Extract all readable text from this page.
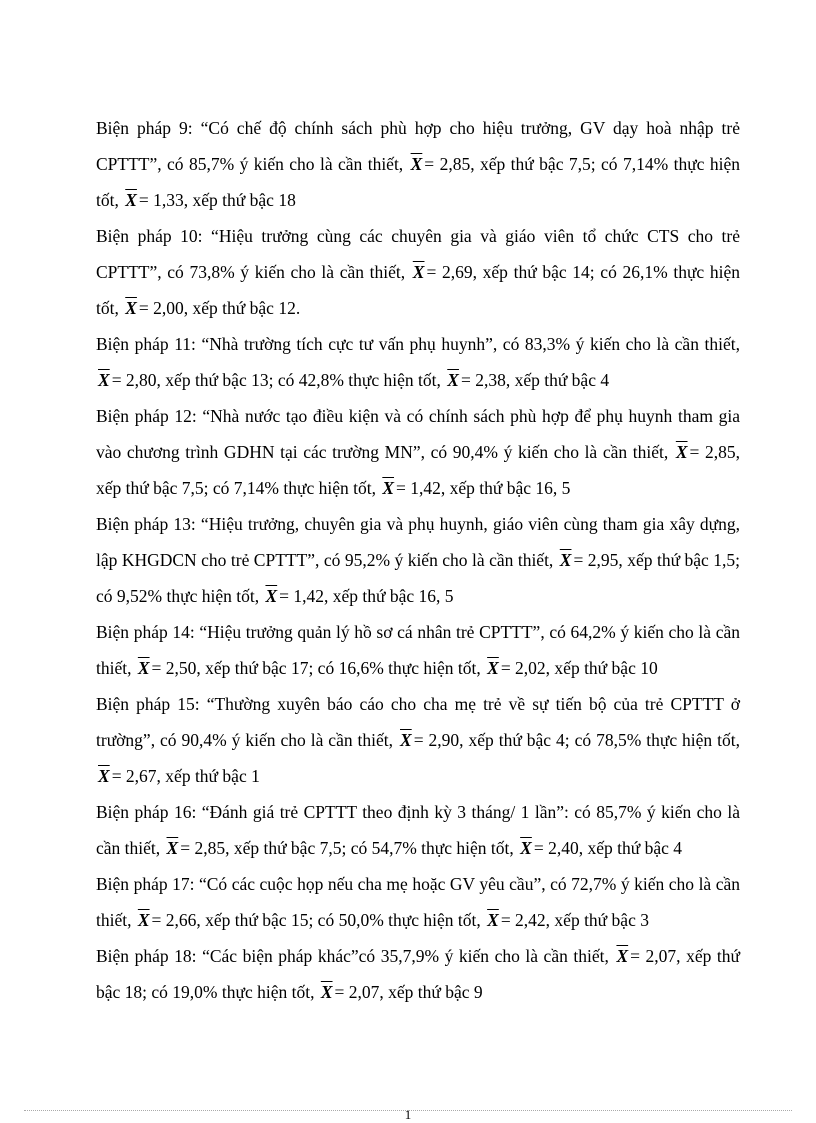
Biện pháp 9: “Có chế độ chính sách phù hợp cho hiệu trưởng, GV dạy hoà nhập trẻ CPTTT”, có 85,7% ý kiến cho là cần thiết, $\overline{X} = 2,85$, xếp thứ bậc 7,5; có 7,14% thực hiện tốt, $\overline{X} = 1,33$, xếp thứ bậc 18

Biện pháp 10: “Hiệu trưởng cùng các chuyên gia và giáo viên tổ chức CTS cho trẻ CPTTT”, có 73,8% ý kiến cho là cần thiết, $\overline{X} = 2,69$, xếp thứ bậc 14; có 26,1% thực hiện tốt, $\overline{X} = 2,00$, xếp thứ bậc 12.

Biện pháp 11: “Nhà trường tích cực tư vấn phụ huynh”, có 83,3% ý kiến cho là cần thiết, $\overline{X} = 2,80$, xếp thứ bậc 13; có 42,8% thực hiện tốt, $\overline{X} = 2,38$, xếp thứ bậc 4

Biện pháp 12: “Nhà nước tạo điều kiện và có chính sách phù hợp để phụ huynh tham gia vào chương trình GDHN tại các trường MN”, có 90,4% ý kiến cho là cần thiết, $\overline{X} = 2,85$, xếp thứ bậc 7,5; có 7,14% thực hiện tốt, $\overline{X} = 1,42$, xếp thứ bậc 16, 5

Biện pháp 13: “Hiệu trưởng, chuyên gia và phụ huynh, giáo viên cùng tham gia xây dựng, lập KHGDCN cho trẻ CPTTT”, có 95,2% ý kiến cho là cần thiết, $\overline{X} = 2,95$, xếp thứ bậc 1,5; có 9,52% thực hiện tốt, $\overline{X} = 1,42$, xếp thứ bậc 16, 5

Biện pháp 14: “Hiệu trưởng quản lý hồ sơ cá nhân trẻ CPTTT”, có 64,2% ý kiến cho là cần thiết, $\overline{X} = 2,50$, xếp thứ bậc 17; có 16,6% thực hiện tốt, $\overline{X} = 2,02$, xếp thứ bậc 10

Biện pháp 15: “Thường xuyên báo cáo cho cha mẹ trẻ về sự tiến bộ của trẻ CPTTT ở trường”, có 90,4% ý kiến cho là cần thiết, $\overline{X} = 2,90$, xếp thứ bậc 4; có 78,5% thực hiện tốt, $\overline{X} = 2,67$, xếp thứ bậc 1

Biện pháp 16: “Đánh giá trẻ CPTTT theo định kỳ 3 tháng/ 1 lần”: có 85,7% ý kiến cho là cần thiết, $\overline{X} = 2,85$, xếp thứ bậc 7,5; có 54,7% thực hiện tốt, $\overline{X} = 2,40$, xếp thứ bậc 4

Biện pháp 17: “Có các cuộc họp nếu cha mẹ hoặc GV yêu cầu”, có 72,7% ý kiến cho là cần thiết, $\overline{X} = 2,66$, xếp thứ bậc 15; có 50,0% thực hiện tốt, $\overline{X} = 2,42$, xếp thứ bậc 3

Biện pháp 18: “Các biện pháp khác”có 35,7,9% ý kiến cho là cần thiết, $\overline{X} = 2,07$, xếp thứ bậc 18; có 19,0% thực hiện tốt, $\overline{X} = 2,07$, xếp thứ bậc 9

1
